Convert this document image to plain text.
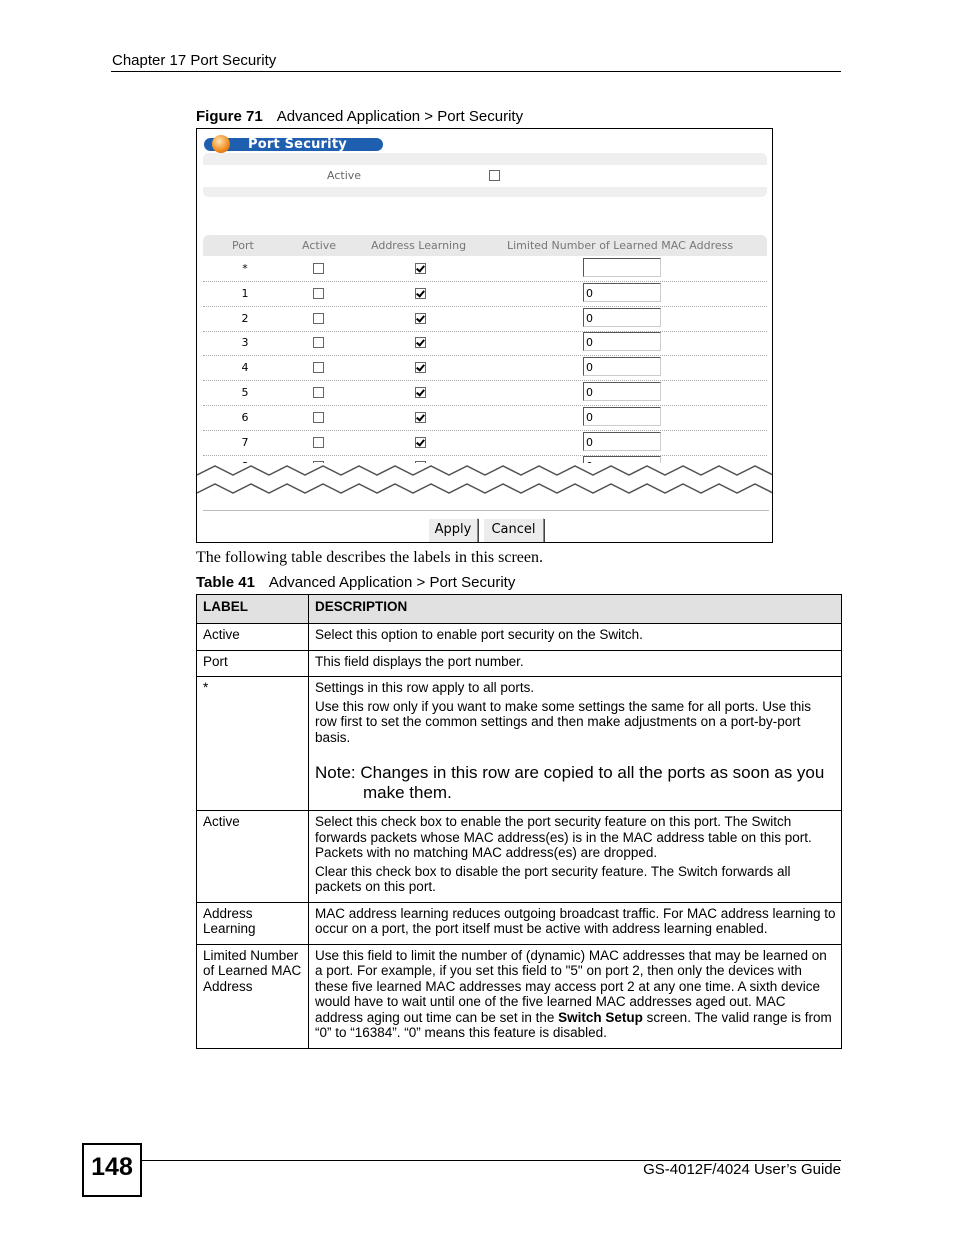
Chapter 17 Port Security
Figure 71 Advanced Application > Port Security
Port Security
Active
Port	Active	Address Learning	Limited Number of Learned MAC Address
*
1	0
2	0
3	0
4	0
5	0
6	0
7	0
Apply	Cancel
The following table describes the labels in this screen.
Table 41 Advanced Application > Port Security
LABEL	DESCRIPTION
Active	Select this option to enable port security on the Switch.

Port	This field displays the port number.

*	Settings in this row apply to all ports.

Use this row only if you want to make some settings the same for all ports. Use this row first to set the common settings and then make adjustments on a port-by-port basis.

Note: Changes in this row are copied to all the ports as soon as you make them.

Active	Select this check box to enable the port security feature on this port. The Switch forwards packets whose MAC address(es) is in the MAC address table on this port. Packets with no matching MAC address(es) are dropped.

Clear this check box to disable the port security feature. The Switch forwards all packets on this port.

Address Learning	MAC address learning reduces outgoing broadcast traffic. For MAC address learning to occur on a port, the port itself must be active with address learning enabled.

Limited Number of Learned MAC Address	Use this field to limit the number of (dynamic) MAC addresses that may be learned on a port. For example, if you set this field to "5" on port 2, then only the devices with these five learned MAC addresses may access port 2 at any one time. A sixth device would have to wait until one of the five learned MAC addresses aged out. MAC address aging out time can be set in the Switch Setup screen. The valid range is from “0” to “16384”. “0” means this feature is disabled.

148	GS-4012F/4024 User’s Guide
